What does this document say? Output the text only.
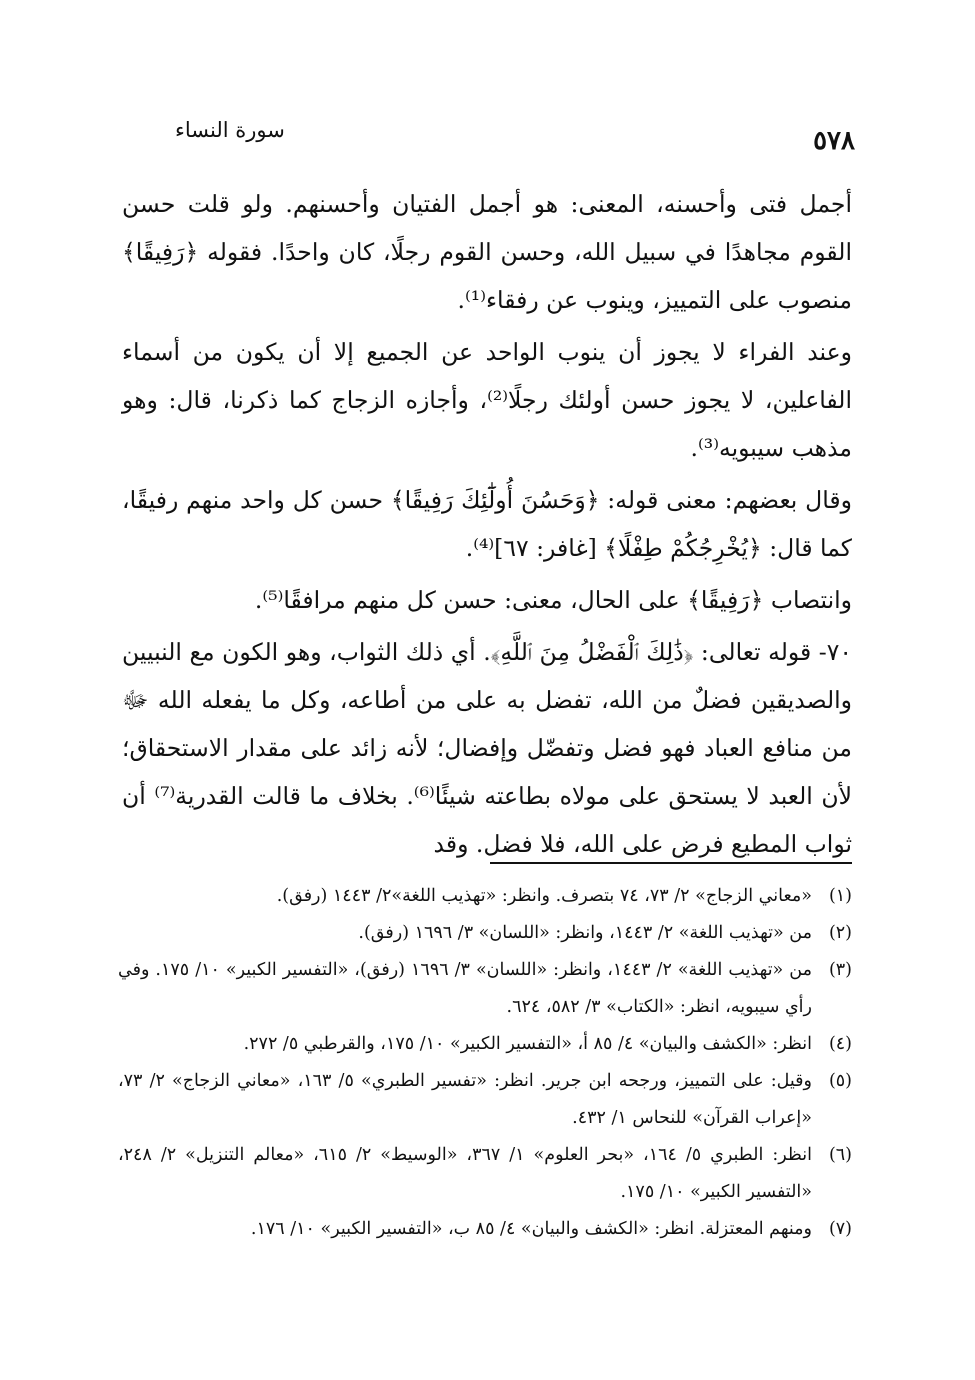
٥٧٨
سورة النساء

أجمل فتى وأحسنه، المعنى: هو أجمل الفتيان وأحسنهم. ولو قلت حسن القوم مجاهدًا في سبيل الله، وحسن القوم رجلًا، كان واحدًا. فقوله ﴿رَفِيقًا﴾ منصوب على التمييز، وينوب عن رفقاء⁽¹⁾.

وعند الفراء لا يجوز أن ينوب الواحد عن الجميع إلا أن يكون من أسماء الفاعلين، لا يجوز حسن أولئك رجلًا⁽²⁾، وأجازه الزجاج كما ذكرنا، قال: وهو مذهب سيبويه⁽³⁾.

وقال بعضهم: معنى قوله: ﴿وَحَسُنَ أُولَٰٓئِكَ رَفِيقًا﴾ حسن كل واحد منهم رفيقًا، كما قال: ﴿يُخْرِجُكُمْ طِفْلًا﴾ [غافر: ٦٧]⁽⁴⁾.

وانتصاب ﴿رَفِيقًا﴾ على الحال، معنى: حسن كل منهم مرافقًا⁽⁵⁾.

٧٠- قوله تعالى: ﴿ذَٰلِكَ ٱلْفَضْلُ مِنَ ٱللَّهِ﴾. أي ذلك الثواب، وهو الكون مع النبيين والصديقين فضلٌ من الله، تفضل به على من أطاعه، وكل ما يفعله الله ﷻ من منافع العباد فهو فضل وتفضّل وإفضال؛ لأنه زائد على مقدار الاستحقاق؛ لأن العبد لا يستحق على مولاه بطاعته شيئًا⁽⁶⁾. بخلاف ما قالت القدرية⁽⁷⁾ أن ثواب المطيع فرض على الله، فلا فضل. وقد

(١)
«معاني الزجاج» ٢/ ٧٣، ٧٤ بتصرف. وانظر: «تهذيب اللغة»٢/ ١٤٤٣ (رفق).
(٢)
من «تهذيب اللغة» ٢/ ١٤٤٣، وانظر: «اللسان» ٣/ ١٦٩٦ (رفق).
(٣)
من «تهذيب اللغة» ٢/ ١٤٤٣، وانظر: «اللسان» ٣/ ١٦٩٦ (رفق)، «التفسير الكبير» ١٠/ ١٧٥. وفي رأي سيبويه، انظر: «الكتاب» ٣/ ٥٨٢، ٦٢٤.
(٤)
انظر: «الكشف والبيان» ٤/ ٨٥ أ، «التفسير الكبير» ١٠/ ١٧٥، والقرطبي ٥/ ٢٧٢.
(٥)
وقيل: على التمييز، ورجحه ابن جرير. انظر: «تفسير الطبري» ٥/ ١٦٣، «معاني الزجاج» ٢/ ٧٣، «إعراب القرآن» للنحاس ١/ ٤٣٢.
(٦)
انظر: الطبري ٥/ ١٦٤، «بحر العلوم» ١/ ٣٦٧، «الوسيط» ٢/ ٦١٥، «معالم التنزيل» ٢/ ٢٤٨، «التفسير الكبير» ١٠/ ١٧٥.
(٧)
ومنهم المعتزلة. انظر: «الكشف والبيان» ٤/ ٨٥ ب، «التفسير الكبير» ١٠/ ١٧٦.
